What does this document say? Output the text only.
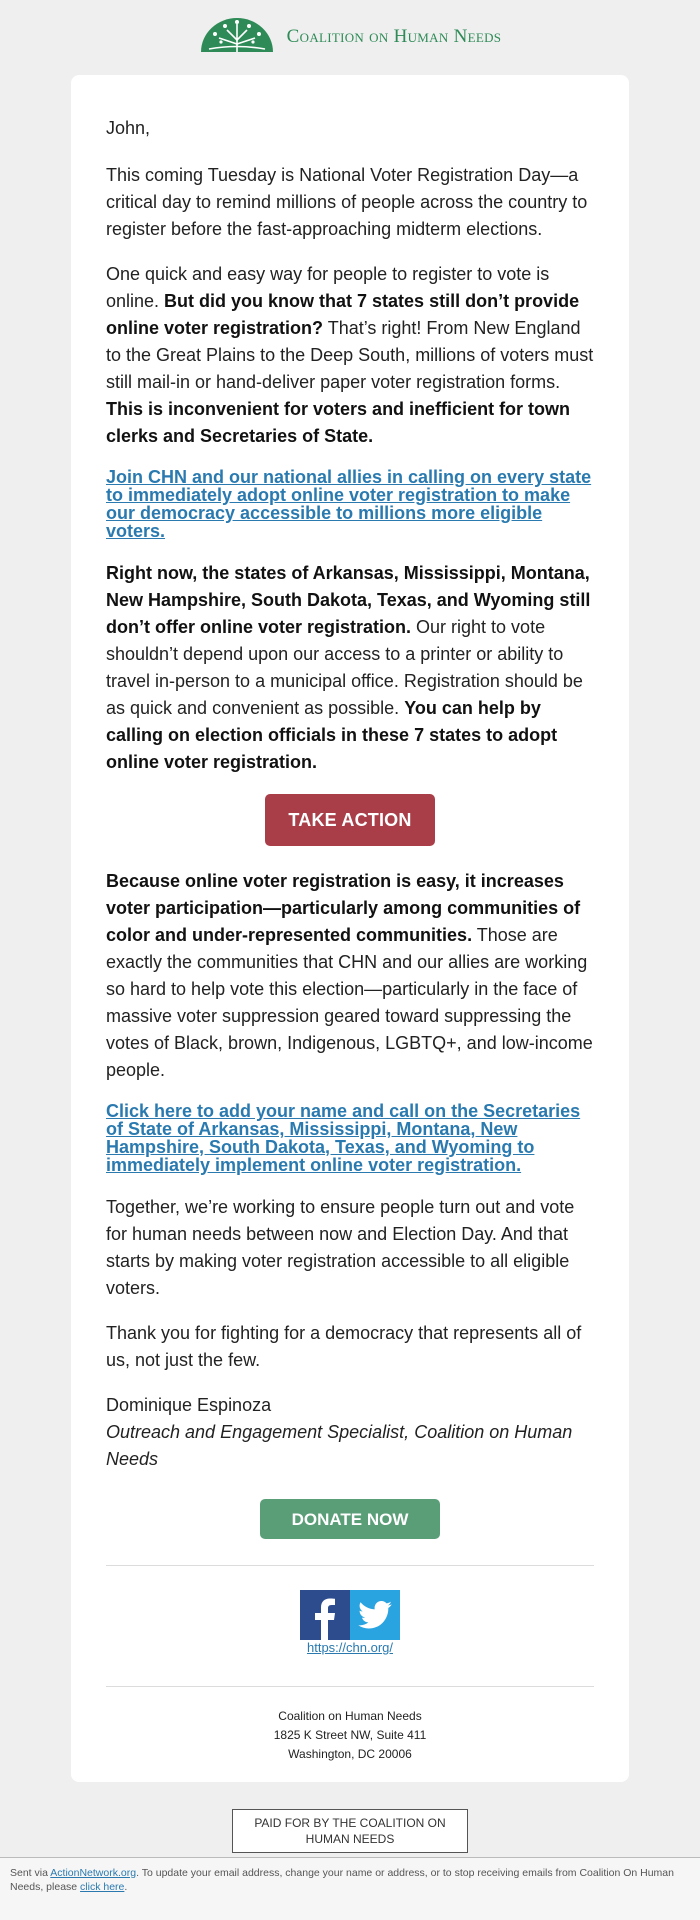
Coalition on Human Needs

John,

This coming Tuesday is National Voter Registration Day—a critical day to remind millions of people across the country to register before the fast-approaching midterm elections.

One quick and easy way for people to register to vote is online. But did you know that 7 states still don’t provide online voter registration? That’s right! From New England to the Great Plains to the Deep South, millions of voters must still mail-in or hand-deliver paper voter registration forms. This is inconvenient for voters and inefficient for town clerks and Secretaries of State.

Join CHN and our national allies in calling on every state to immediately adopt online voter registration to make our democracy accessible to millions more eligible voters.

Right now, the states of Arkansas, Mississippi, Montana, New Hampshire, South Dakota, Texas, and Wyoming still don’t offer online voter registration. Our right to vote shouldn’t depend upon our access to a printer or ability to travel in-person to a municipal office. Registration should be as quick and convenient as possible. You can help by calling on election officials in these 7 states to adopt online voter registration.

TAKE ACTION

Because online voter registration is easy, it increases voter participation—particularly among communities of color and under-represented communities. Those are exactly the communities that CHN and our allies are working so hard to help vote this election—particularly in the face of massive voter suppression geared toward suppressing the votes of Black, brown, Indigenous, LGBTQ+, and low-income people.

Click here to add your name and call on the Secretaries of State of Arkansas, Mississippi, Montana, New Hampshire, South Dakota, Texas, and Wyoming to immediately implement online voter registration.

Together, we’re working to ensure people turn out and vote for human needs between now and Election Day. And that starts by making voter registration accessible to all eligible voters.

Thank you for fighting for a democracy that represents all of us, not just the few.

Dominique Espinoza
Outreach and Engagement Specialist, Coalition on Human Needs

DONATE NOW
https://chn.org/
Coalition on Human Needs
1825 K Street NW, Suite 411
Washington, DC 20006
PAID FOR BY THE COALITION ON HUMAN NEEDS
Sent via ActionNetwork.org. To update your email address, change your name or address, or to stop receiving emails from Coalition On Human Needs, please click here.
